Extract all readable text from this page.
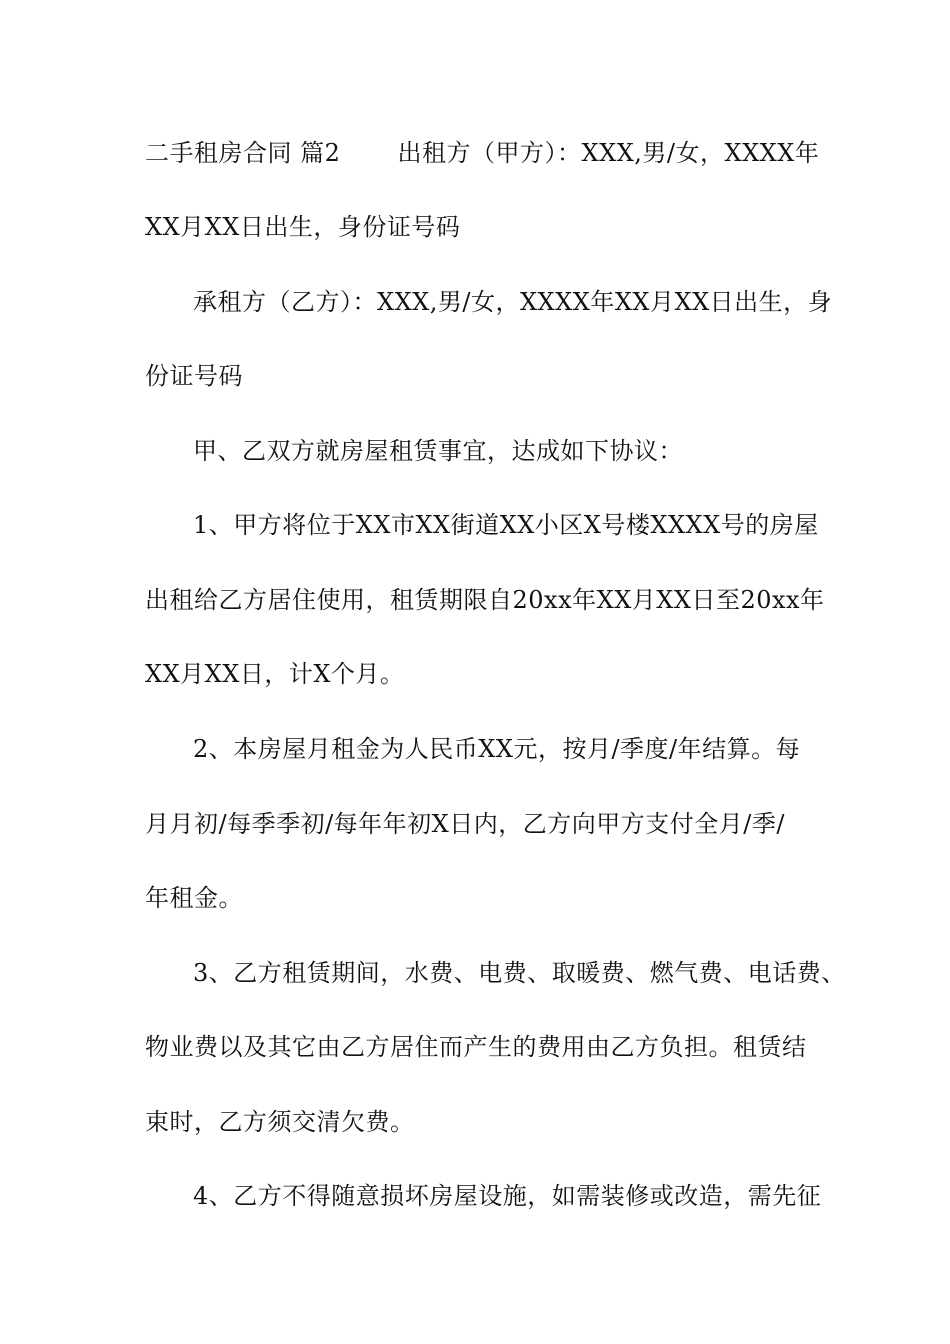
二手租房合同 篇2　　 出租方（甲方）：XXX,男/女，XXXX年
XX月XX日出生，身份证号码
承租方（乙方）：XXX,男/女，XXXX年XX月XX日出生，身
份证号码
甲、乙双方就房屋租赁事宜，达成如下协议：
1、甲方将位于XX市XX街道XX小区X号楼XXXX号的房屋
出租给乙方居住使用，租赁期限自20xx年XX月XX日至20xx年
XX月XX日，计X个月。
2、本房屋月租金为人民币XX元，按月/季度/年结算。每
月月初/每季季初/每年年初X日内，乙方向甲方支付全月/季/
年租金。
3、乙方租赁期间，水费、电费、取暖费、燃气费、电话费、
物业费以及其它由乙方居住而产生的费用由乙方负担。租赁结
束时，乙方须交清欠费。
4、乙方不得随意损坏房屋设施，如需装修或改造，需先征
